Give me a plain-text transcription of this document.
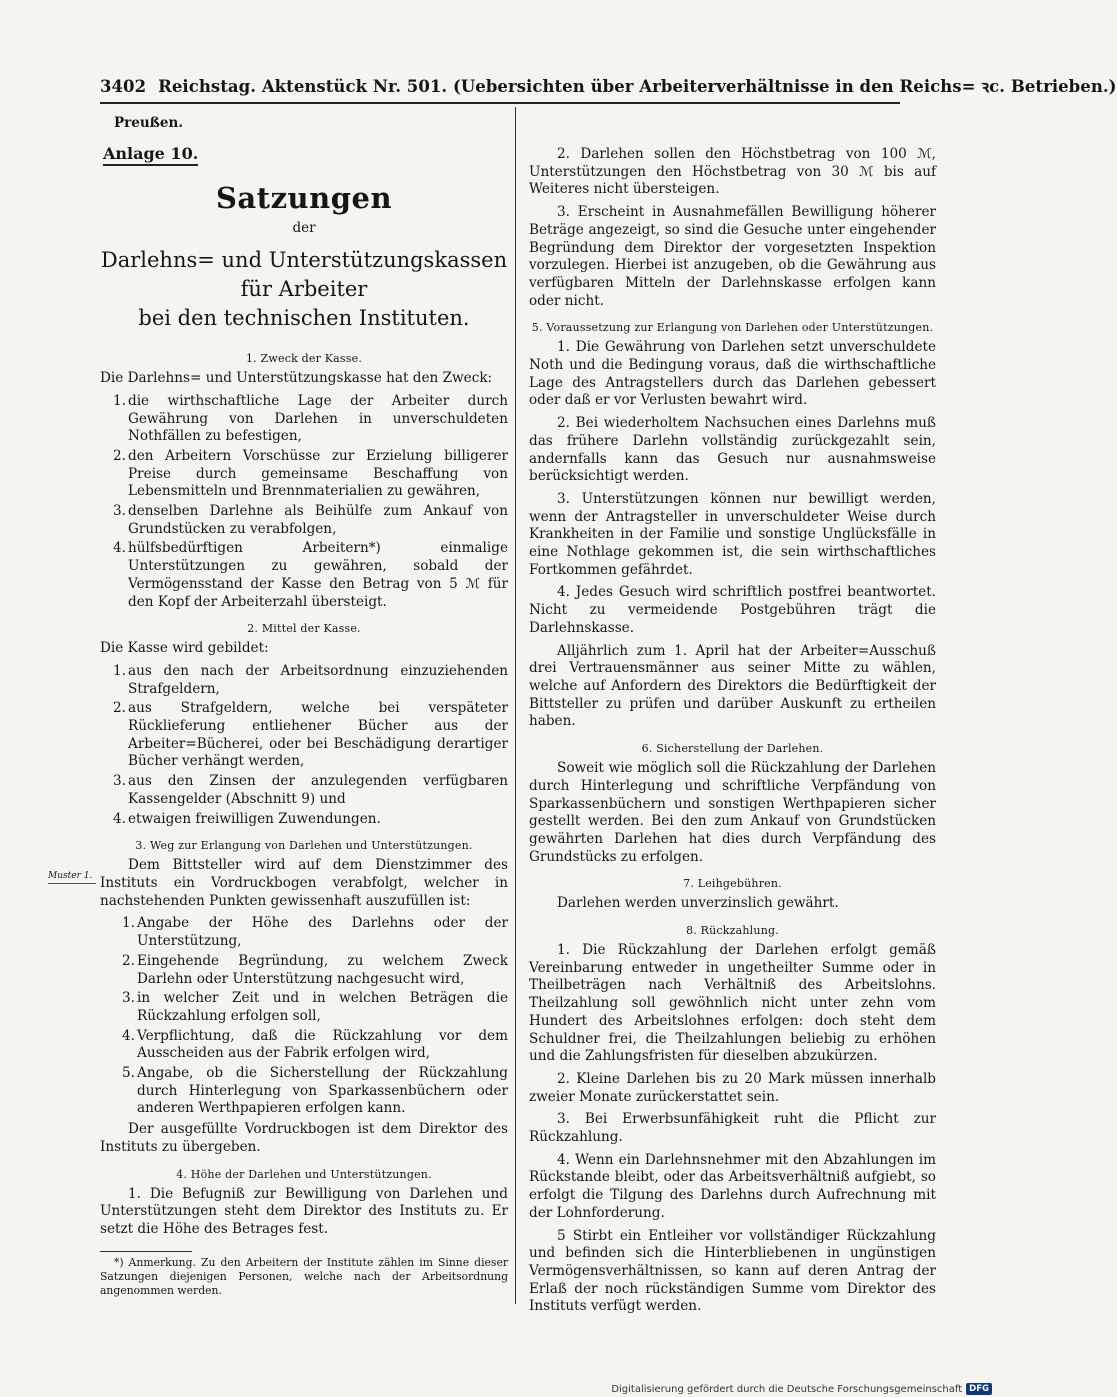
3402 Reichstag. Aktenstück Nr. 501. (Uebersichten über Arbeiterverhältnisse in den Reichs= ꝛc. Betrieben.)
Muster 1.
Preußen.
Anlage 10.
Satzungen
der
Darlehns= und Unterstützungskassen für Arbeiter
bei den technischen Instituten.
1. Zweck der Kasse.

Die Darlehns= und Unterstützungskasse hat den Zweck:

1. die wirthschaftliche Lage der Arbeiter durch Gewährung von Darlehen in unverschuldeten Nothfällen zu befestigen,
2. den Arbeitern Vorschüsse zur Erzielung billigerer Preise durch gemeinsame Beschaffung von Lebensmitteln und Brennmaterialien zu gewähren,
3. denselben Darlehne als Beihülfe zum Ankauf von Grundstücken zu verabfolgen,
4. hülfsbedürftigen Arbeitern*) einmalige Unterstützungen zu gewähren, sobald der Vermögensstand der Kasse den Betrag von 5 ℳ für den Kopf der Arbeiterzahl übersteigt.
2. Mittel der Kasse.

Die Kasse wird gebildet:

1. aus den nach der Arbeitsordnung einzuziehenden Strafgeldern,
2. aus Strafgeldern, welche bei verspäteter Rücklieferung entliehener Bücher aus der Arbeiter=Bücherei, oder bei Beschädigung derartiger Bücher verhängt werden,
3. aus den Zinsen der anzulegenden verfügbaren Kassengelder (Abschnitt 9) und
4. etwaigen freiwilligen Zuwendungen.
3. Weg zur Erlangung von Darlehen und Unterstützungen.

Dem Bittsteller wird auf dem Dienstzimmer des Instituts ein Vordruckbogen verabfolgt, welcher in nachstehenden Punkten gewissenhaft auszufüllen ist:

1. Angabe der Höhe des Darlehns oder der Unterstützung,
2. Eingehende Begründung, zu welchem Zweck Darlehn oder Unterstützung nachgesucht wird,
3. in welcher Zeit und in welchen Beträgen die Rückzahlung erfolgen soll,
4. Verpflichtung, daß die Rückzahlung vor dem Ausscheiden aus der Fabrik erfolgen wird,
5. Angabe, ob die Sicherstellung der Rückzahlung durch Hinterlegung von Sparkassenbüchern oder anderen Werthpapieren erfolgen kann.

Der ausgefüllte Vordruckbogen ist dem Direktor des Instituts zu übergeben.

4. Höhe der Darlehen und Unterstützungen.

1. Die Befugniß zur Bewilligung von Darlehen und Unterstützungen steht dem Direktor des Instituts zu. Er setzt die Höhe des Betrages fest.

*) Anmerkung. Zu den Arbeitern der Institute zählen im Sinne dieser Satzungen diejenigen Personen, welche nach der Arbeitsordnung angenommen werden.

2. Darlehen sollen den Höchstbetrag von 100 ℳ, Unterstützungen den Höchstbetrag von 30 ℳ bis auf Weiteres nicht übersteigen.

3. Erscheint in Ausnahmefällen Bewilligung höherer Beträge angezeigt, so sind die Gesuche unter eingehender Begründung dem Direktor der vorgesetzten Inspektion vorzulegen. Hierbei ist anzugeben, ob die Gewährung aus verfügbaren Mitteln der Darlehnskasse erfolgen kann oder nicht.

5. Voraussetzung zur Erlangung von Darlehen oder Unterstützungen.

1. Die Gewährung von Darlehen setzt unverschuldete Noth und die Bedingung voraus, daß die wirthschaftliche Lage des Antragstellers durch das Darlehen gebessert oder daß er vor Verlusten bewahrt wird.

2. Bei wiederholtem Nachsuchen eines Darlehns muß das frühere Darlehn vollständig zurückgezahlt sein, andernfalls kann das Gesuch nur ausnahmsweise berücksichtigt werden.

3. Unterstützungen können nur bewilligt werden, wenn der Antragsteller in unverschuldeter Weise durch Krankheiten in der Familie und sonstige Unglücksfälle in eine Nothlage gekommen ist, die sein wirthschaftliches Fortkommen gefährdet.

4. Jedes Gesuch wird schriftlich postfrei beantwortet. Nicht zu vermeidende Postgebühren trägt die Darlehnskasse.

Alljährlich zum 1. April hat der Arbeiter=Ausschuß drei Vertrauensmänner aus seiner Mitte zu wählen, welche auf Anfordern des Direktors die Bedürftigkeit der Bittsteller zu prüfen und darüber Auskunft zu ertheilen haben.

6. Sicherstellung der Darlehen.

Soweit wie möglich soll die Rückzahlung der Darlehen durch Hinterlegung und schriftliche Verpfändung von Sparkassenbüchern und sonstigen Werthpapieren sicher gestellt werden. Bei den zum Ankauf von Grundstücken gewährten Darlehen hat dies durch Verpfändung des Grundstücks zu erfolgen.

7. Leihgebühren.

Darlehen werden unverzinslich gewährt.

8. Rückzahlung.

1. Die Rückzahlung der Darlehen erfolgt gemäß Vereinbarung entweder in ungetheilter Summe oder in Theilbeträgen nach Verhältniß des Arbeitslohns. Theilzahlung soll gewöhnlich nicht unter zehn vom Hundert des Arbeitslohnes erfolgen: doch steht dem Schuldner frei, die Theilzahlungen beliebig zu erhöhen und die Zahlungsfristen für dieselben abzukürzen.

2. Kleine Darlehen bis zu 20 Mark müssen innerhalb zweier Monate zurückerstattet sein.

3. Bei Erwerbsunfähigkeit ruht die Pflicht zur Rückzahlung.

4. Wenn ein Darlehnsnehmer mit den Abzahlungen im Rückstande bleibt, oder das Arbeitsverhältniß aufgiebt, so erfolgt die Tilgung des Darlehns durch Aufrechnung mit der Lohnforderung.

5 Stirbt ein Entleiher vor vollständiger Rückzahlung und befinden sich die Hinterbliebenen in ungünstigen Vermögensverhältnissen, so kann auf deren Antrag der Erlaß der noch rückständigen Summe vom Direktor des Instituts verfügt werden.

Digitalisierung gefördert durch die Deutsche Forschungsgemeinschaft DFG
